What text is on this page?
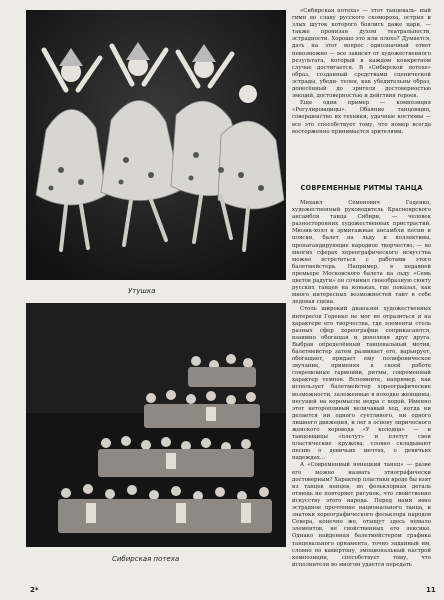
Утушка
Сибирская потеха

«Сибирская потеха» — этот танцеваль- ный гимн во славу русского скомороха, острых и злых шуток которого боялись даже цари, — также пронизан духом театральности, эстрадности. Хорошо это или плохо? Думается, дать на этот вопрос однозначный ответ невозможно — все зависит от художественного результата, который в каждом конкретном случае достигается. В «Сибирской потехе» образ, созданный средствами сценической эстрады, убеди- телен, как убедительны образ, донесённый до зрителя достоверностью эмоций, достоверностью и действия героев.

Еще один пример — композиция «Регулировщицы». Обаяние танцовщиц, совершенство их техники, удачные костюмы — все это способствует тому, что номер всегда восторженно принимается зрителями.

СОВРЕМЕННЫЕ РИТМЫ ТАНЦА

Михаил Семенович Годенко, художественный руководитель Красноярского ансамбля танца Сибири, — человек разносторонних художественных пристрастий. Мюзик-холл и эрмитажные ансамбли песни и пляски, балет на льду и коллективы, пропагандирующие народное творчество, — во многих сферах хореографического искусства можно встретиться с работами этого балетмейстера. Например, в недавней премьере Московского балета на льду «Семь цветов радуги» он сочинил своеобразную сюиту русских танцев на коньках, где показал, как много интересных возможностей таит в себе ледовая сцена.

Столь широкий диапазон художественных интересов Годенко не мог не отразиться и на характере его творчества, где элементы столь разных сфер хореографии соприкасаются, взаимно обогащая и дополняя друг друга. Выбрав определённый танцевальный мотив, балетмейстер затем развивает его, варьирует, обогащает, придает ему полифоническое звучание, применяя в своей работе современные гармонии, ритмы, современный характер темпов. Вспомните, например, как использует балетмейстер хореографические возможности, заложенные в походке женщины, несущей на коромысле ведра с водой. Именно этот неторопливый величавый ход, когда ни делается ни одного суетливого, ни одного лишнего движения, и лег в основу лирического женского хоровода «У колодца» — и танцовщицы «плетут» и плетут свои пластические кружева, словно складывают песню о девичьих мечтах, о девичьих надеждах...

А «Современный ненецкий танец» — разве его можно назвать этнографически достоверным? Характер пластики вроде бы взят из танцев ненцев, но фольклорная деталь отнюдь не повторяет рисунок, что свойственно искусству этого народа. Перед нами явно эстрадное прочтение национального танца, и знатоки хореографического фольклора народов Севера, конечно же, отыщут здесь немало элементов, не свойственных его лексике. Однако найденная балетмейстером графика танцевального орнамента, точно заданный им, словно по камертону, эмоциональный настрой композиции, способствует тому, что исполнители во многом удается передать

2*	11
